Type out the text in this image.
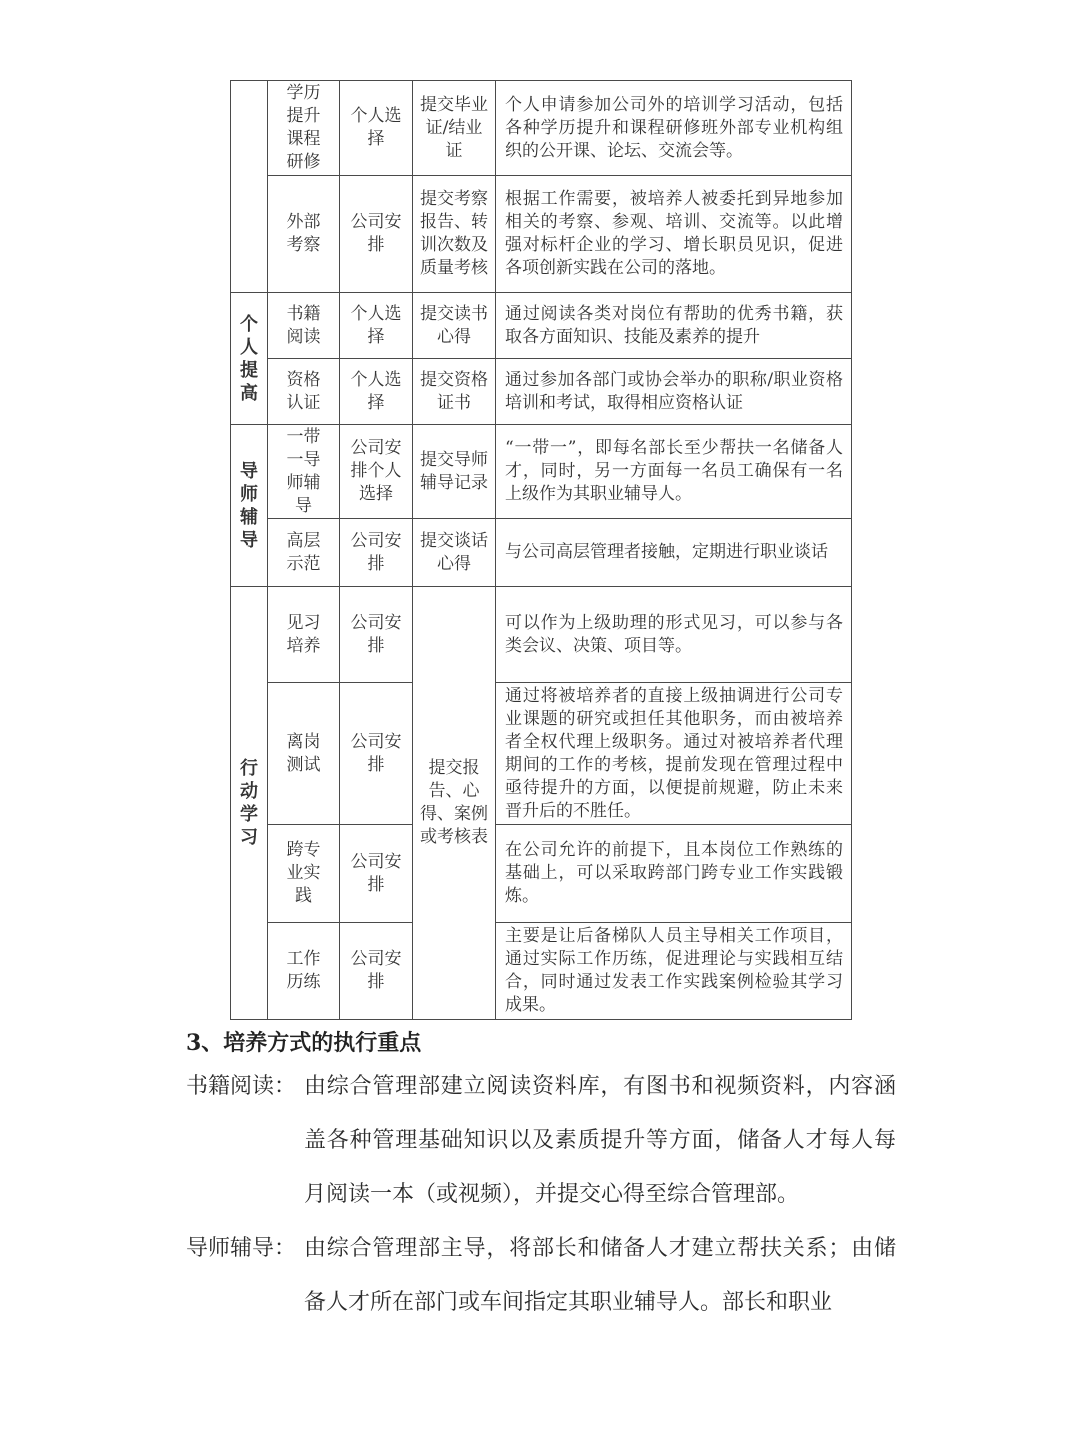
	学历提升课程研修	个人选择	提交毕业证/结业证	个人申请参加公司外的培训学习活动，包括各种学历提升和课程研修班外部专业机构组织的公开课、论坛、交流会等。
	外部考察	公司安排	提交考察报告、转训次数及质量考核	根据工作需要，被培养人被委托到异地参加相关的考察、参观、培训、交流等。以此增强对标杆企业的学习、增长职员见识，促进各项创新实践在公司的落地。
个人提高	书籍阅读	个人选择	提交读书心得	通过阅读各类对岗位有帮助的优秀书籍，获取各方面知识、技能及素养的提升
	资格认证	个人选择	提交资格证书	通过参加各部门或协会举办的职称/职业资格培训和考试，取得相应资格认证
导师辅导	一带一导师辅导	公司安排个人选择	提交导师辅导记录	“一带一”，即每名部长至少帮扶一名储备人才，同时，另一方面每一名员工确保有一名上级作为其职业辅导人。
	高层示范	公司安排	提交谈话心得	与公司高层管理者接触，定期进行职业谈话
行动学习	见习培养	公司安排	提交报告、心得、案例或考核表	可以作为上级助理的形式见习，可以参与各类会议、决策、项目等。
	离岗测试	公司安排		通过将被培养者的直接上级抽调进行公司专业课题的研究或担任其他职务，而由被培养者全权代理上级职务。通过对被培养者代理期间的工作的考核，提前发现在管理过程中亟待提升的方面，以便提前规避，防止未来晋升后的不胜任。
	跨专业实践	公司安排		在公司允许的前提下，且本岗位工作熟练的基础上，可以采取跨部门跨专业工作实践锻炼。
	工作历练	公司安排		主要是让后备梯队人员主导相关工作项目，通过实际工作历练，促进理论与实践相互结合，同时通过发表工作实践案例检验其学习成果。
3、培养方式的执行重点
书籍阅读： 由综合管理部建立阅读资料库，有图书和视频资料，内容涵盖各种管理基础知识以及素质提升等方面，储备人才每人每月阅读一本（或视频），并提交心得至综合管理部。
导师辅导： 由综合管理部主导，将部长和储备人才建立帮扶关系；由储备人才所在部门或车间指定其职业辅导人。部长和职业
